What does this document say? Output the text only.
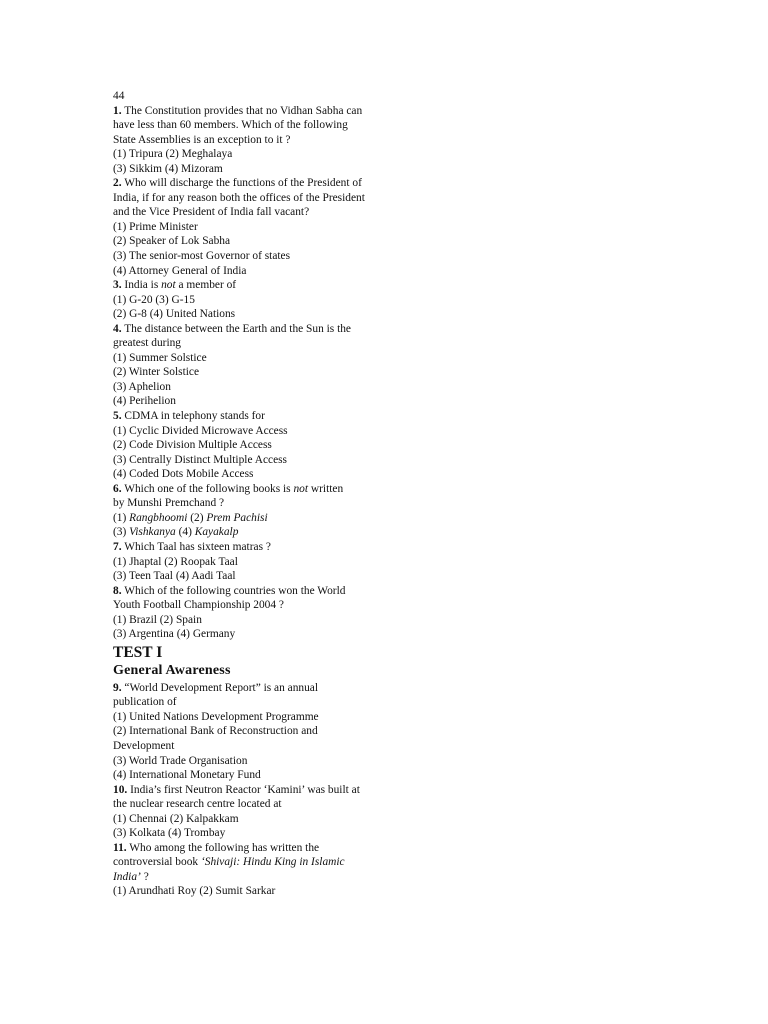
44
1. The Constitution provides that no Vidhan Sabha can
have less than 60 members. Which of the following
State Assemblies is an exception to it ?
(1) Tripura (2) Meghalaya
(3) Sikkim (4) Mizoram
2. Who will discharge the functions of the President of
India, if for any reason both the offices of the President
and the Vice President of India fall vacant?
(1) Prime Minister
(2) Speaker of Lok Sabha
(3) The senior-most Governor of states
(4) Attorney General of India
3. India is not a member of
(1) G-20 (3) G-15
(2) G-8 (4) United Nations
4. The distance between the Earth and the Sun is the
greatest during
(1) Summer Solstice
(2) Winter Solstice
(3) Aphelion
(4) Perihelion
5. CDMA in telephony stands for
(1) Cyclic Divided Microwave Access
(2) Code Division Multiple Access
(3) Centrally Distinct Multiple Access
(4) Coded Dots Mobile Access
6. Which one of the following books is not written
by Munshi Premchand ?
(1) Rangbhoomi (2) Prem Pachisi
(3) Vishkanya (4) Kayakalp
7. Which Taal has sixteen matras ?
(1) Jhaptal (2) Roopak Taal
(3) Teen Taal (4) Aadi Taal
8. Which of the following countries won the World
Youth Football Championship 2004 ?
(1) Brazil (2) Spain
(3) Argentina (4) Germany
TEST I
General Awareness
9. “World Development Report” is an annual
publication of
(1) United Nations Development Programme
(2) International Bank of Reconstruction and
Development
(3) World Trade Organisation
(4) International Monetary Fund
10. India’s first Neutron Reactor ‘Kamini’ was built at
the nuclear research centre located at
(1) Chennai (2) Kalpakkam
(3) Kolkata (4) Trombay
11. Who among the following has written the
controversial book ‘Shivaji: Hindu King in Islamic
India’ ?
(1) Arundhati Roy (2) Sumit Sarkar
